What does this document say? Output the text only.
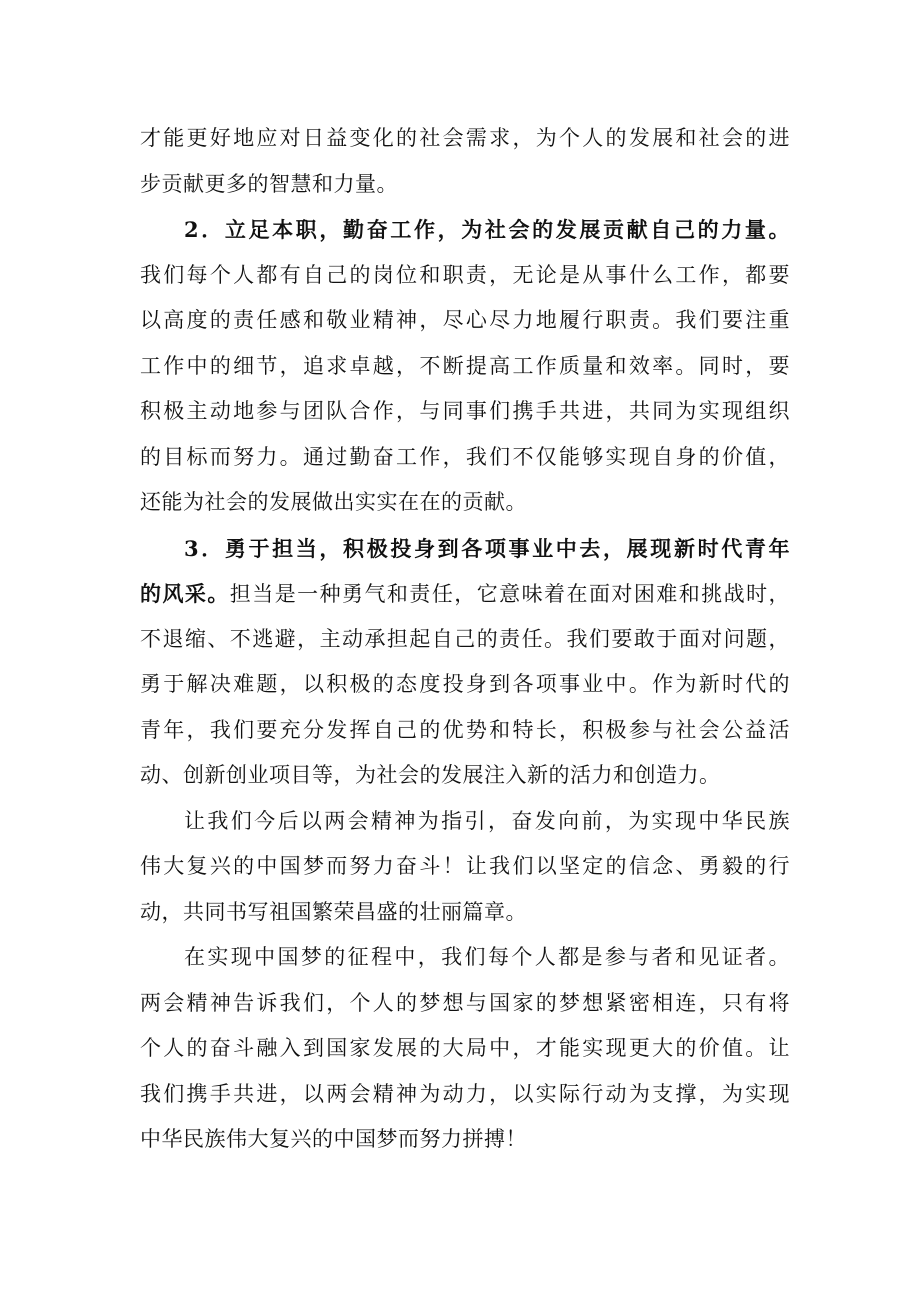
才能更好地应对日益变化的社会需求，为个人的发展和社会的进
步贡献更多的智慧和力量。
2．立足本职，勤奋工作，为社会的发展贡献自己的力量。
我们每个人都有自己的岗位和职责，无论是从事什么工作，都要
以高度的责任感和敬业精神，尽心尽力地履行职责。我们要注重
工作中的细节，追求卓越，不断提高工作质量和效率。同时，要
积极主动地参与团队合作，与同事们携手共进，共同为实现组织
的目标而努力。通过勤奋工作，我们不仅能够实现自身的价值，
还能为社会的发展做出实实在在的贡献。
3．勇于担当，积极投身到各项事业中去，展现新时代青年
的风采。担当是一种勇气和责任，它意味着在面对困难和挑战时，
不退缩、不逃避，主动承担起自己的责任。我们要敢于面对问题，
勇于解决难题，以积极的态度投身到各项事业中。作为新时代的
青年，我们要充分发挥自己的优势和特长，积极参与社会公益活
动、创新创业项目等，为社会的发展注入新的活力和创造力。
让我们今后以两会精神为指引，奋发向前，为实现中华民族
伟大复兴的中国梦而努力奋斗！让我们以坚定的信念、勇毅的行
动，共同书写祖国繁荣昌盛的壮丽篇章。
在实现中国梦的征程中，我们每个人都是参与者和见证者。
两会精神告诉我们，个人的梦想与国家的梦想紧密相连，只有将
个人的奋斗融入到国家发展的大局中，才能实现更大的价值。让
我们携手共进，以两会精神为动力，以实际行动为支撑，为实现
中华民族伟大复兴的中国梦而努力拼搏！
